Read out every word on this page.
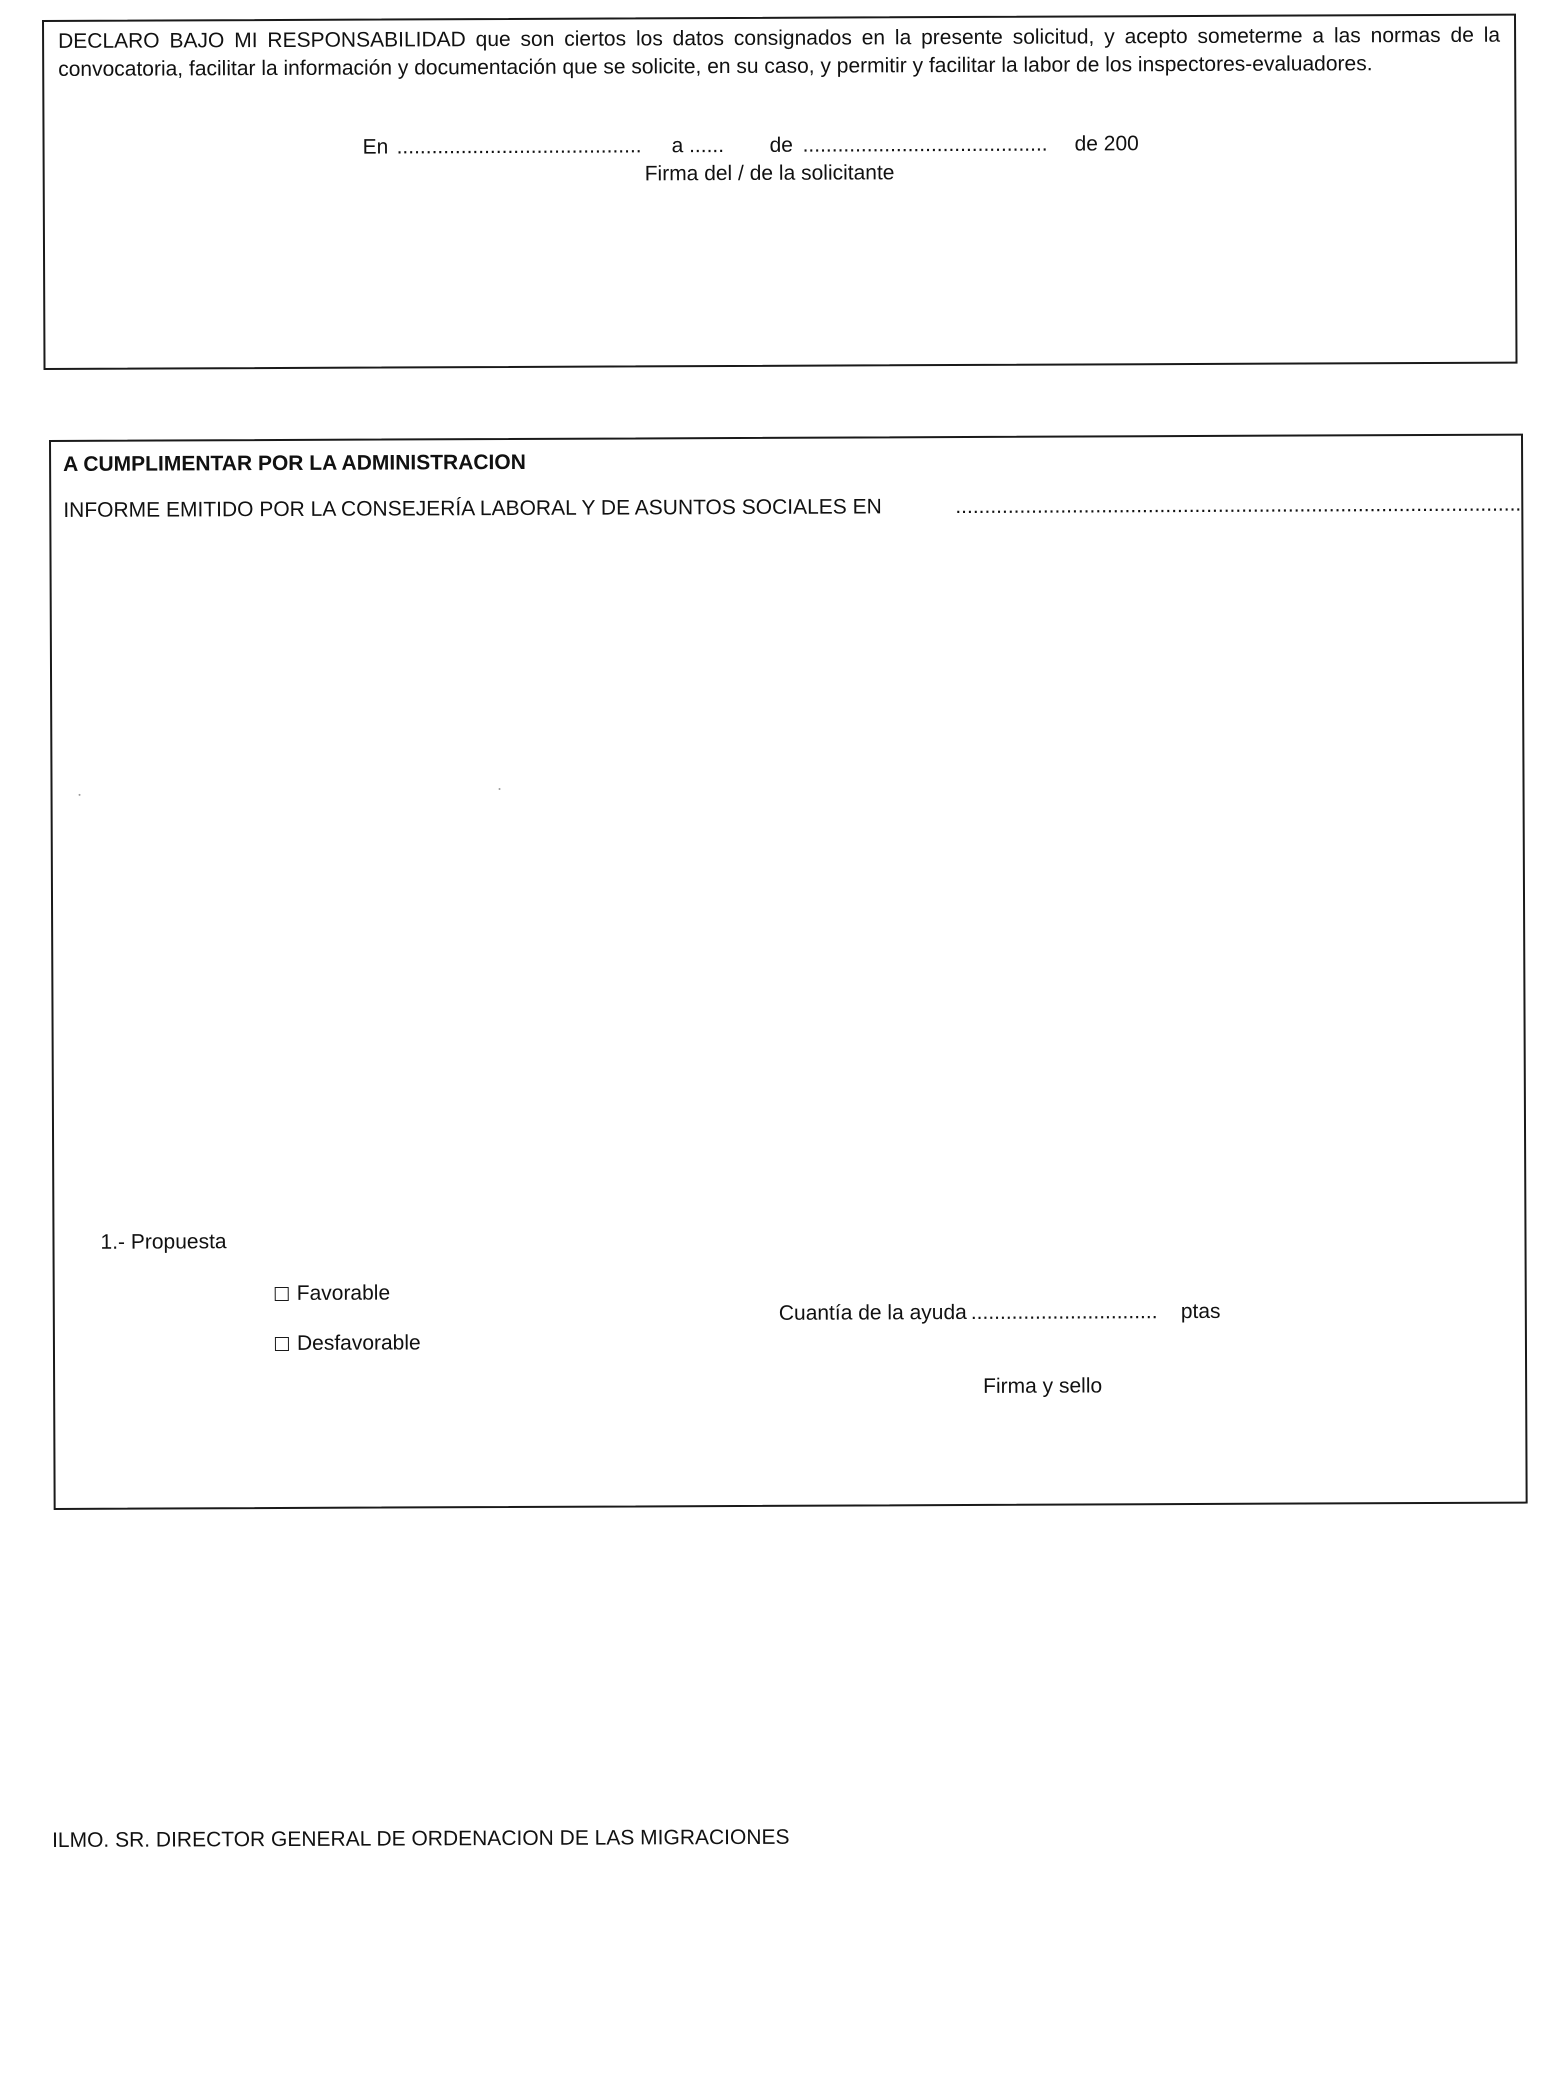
DECLARO BAJO MI RESPONSABILIDAD que son ciertos los datos consignados en la presente solicitud, y acepto someterme a las normas de la convocatoria, facilitar la información y documentación que se solicite, en su caso, y permitir y facilitar la labor de los inspectores-evaluadores.
En .......................................... a ...... de .......................................... de 200
Firma del / de la solicitante
A CUMPLIMENTAR POR LA ADMINISTRACION
INFORME EMITIDO POR LA CONSEJERÍA LABORAL Y DE ASUNTOS SOCIALES EN	.................................................................................................
1.- Propuesta
Favorable
Desfavorable
Cuantía de la ayuda ................................ ptas
Firma y sello
ILMO. SR. DIRECTOR GENERAL DE ORDENACION DE LAS MIGRACIONES
